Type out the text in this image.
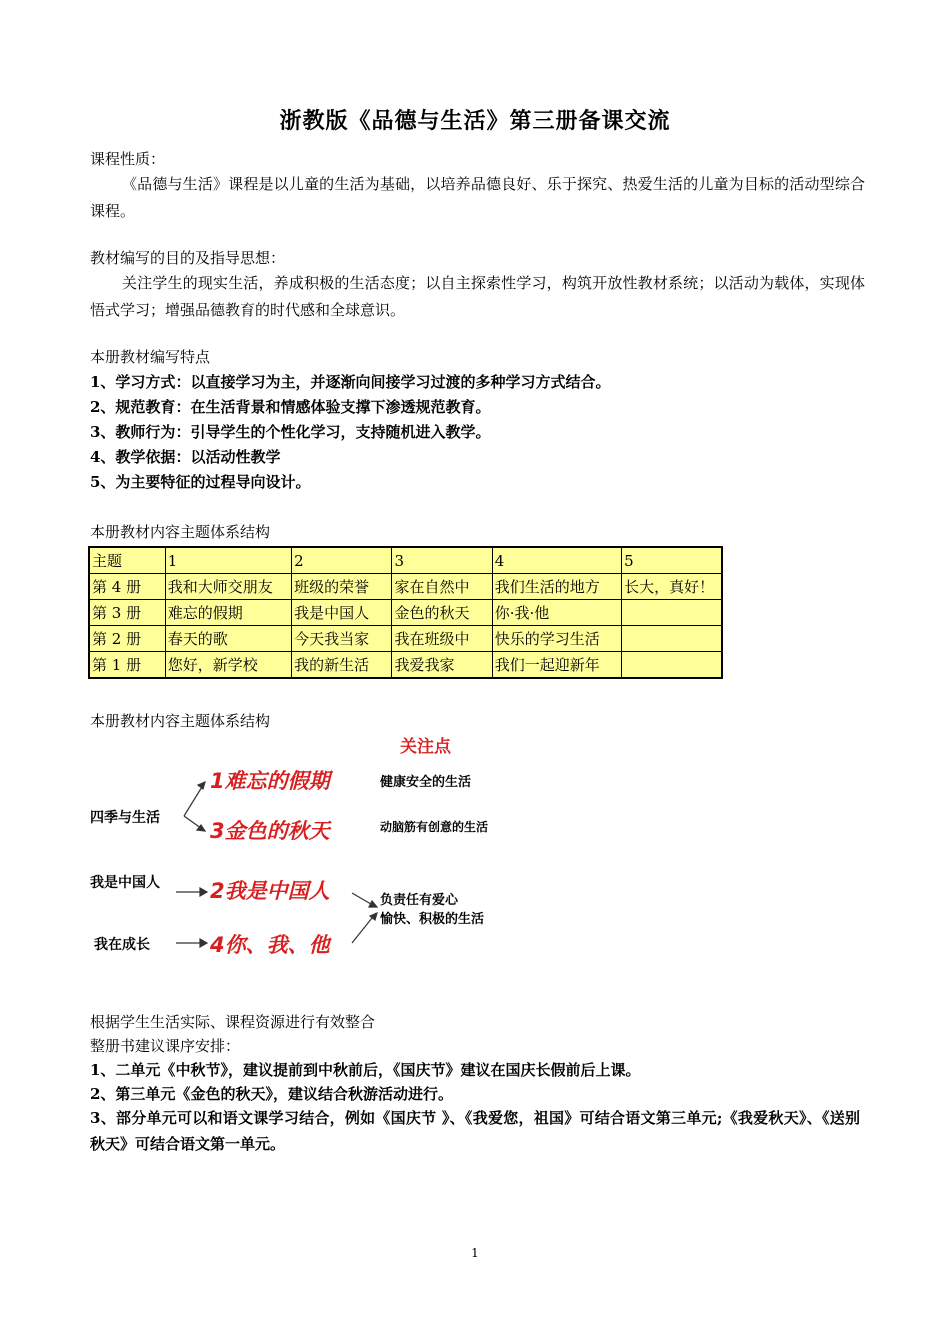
浙教版《品德与生活》第三册备课交流
课程性质：
《品德与生活》课程是以儿童的生活为基础，以培养品德良好、乐于探究、热爱生活的儿童为目标的活动型综合课程。
教材编写的目的及指导思想：
关注学生的现实生活，养成积极的生活态度；以自主探索性学习，构筑开放性教材系统；以活动为载体，实现体悟式学习；增强品德教育的时代感和全球意识。
本册教材编写特点
1、学习方式：以直接学习为主，并逐渐向间接学习过渡的多种学习方式结合。
2、规范教育：在生活背景和情感体验支撑下渗透规范教育。
3、教师行为：引导学生的个性化学习，支持随机进入教学。
4、教学依据：以活动性教学
5、为主要特征的过程导向设计。
本册教材内容主题体系结构
主题	1	2	3	4	5
第 4 册	我和大师交朋友	班级的荣誉	家在自然中	我们生活的地方	长大，真好！
第 3 册	难忘的假期	我是中国人	金色的秋天	你·我·他	
第 2 册	春天的歌	今天我当家	我在班级中	快乐的学习生活	
第 1 册	您好，新学校	我的新生活	我爱我家	我们一起迎新年	
本册教材内容主题体系结构
关注点
四季与生活
我是中国人
我在成长
1难忘的假期
3金色的秋天
2我是中国人
4你、我、他
健康安全的生活
动脑筋有创意的生活
负责任有爱心
愉快、积极的生活
根据学生生活实际、课程资源进行有效整合
整册书建议课序安排：
1、二单元《中秋节》，建议提前到中秋前后，《国庆节》建议在国庆长假前后上课。
2、第三单元《金色的秋天》，建议结合秋游活动进行。
3、部分单元可以和语文课学习结合，例如《国庆节 》、《我爱您，祖国》可结合语文第三单元;《我爱秋天》、《送别秋天》可结合语文第一单元。
1
